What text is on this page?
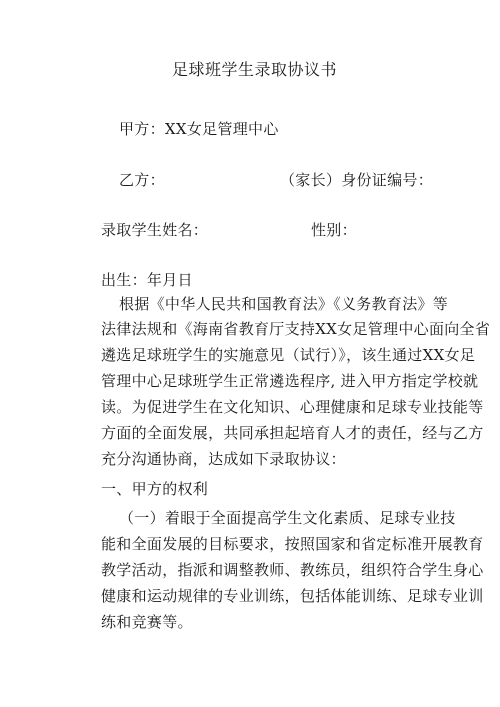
足球班学生录取协议书
甲方：XX女足管理中心
乙方：	（家长）身份证编号：
录取学生姓名：	性别：
出生：年月日
根据《中华人民共和国教育法》《义务教育法》等
法律法规和《海南省教育厅支持XX女足管理中心面向全省
遴选足球班学生的实施意见（试行）》，该生通过XX女足
管理中心足球班学生正常遴选程序, 进入甲方指定学校就
读。为促进学生在文化知识、心理健康和足球专业技能等
方面的全面发展，共同承担起培育人才的责任，经与乙方
充分沟通协商，达成如下录取协议：
一、甲方的权利
（一）着眼于全面提高学生文化素质、足球专业技
能和全面发展的目标要求，按照国家和省定标准开展教育
教学活动，指派和调整教师、教练员，组织符合学生身心
健康和运动规律的专业训练，包括体能训练、足球专业训
练和竞赛等。
